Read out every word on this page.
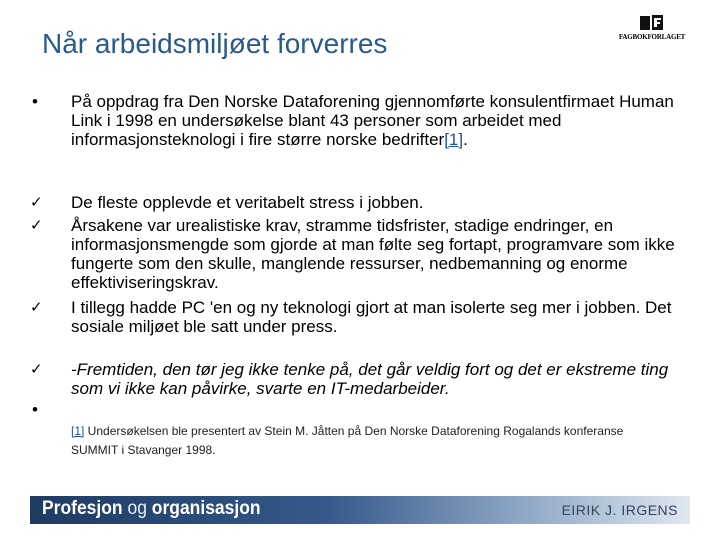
Når arbeidsmiljøet forverres	FAGBOKFORLAGET
•	På oppdrag fra Den Norske Dataforening gjennomførte konsulentfirmaet Human Link i 1998 en undersøkelse blant 43 personer som arbeidet med informasjonsteknologi i fire større norske bedrifter[1].
✓	De fleste opplevde et veritabelt stress i jobben.
✓	Årsakene var urealistiske krav, stramme tidsfrister, stadige endringer, en informasjonsmengde som gjorde at man følte seg fortapt, programvare som ikke fungerte som den skulle, manglende ressurser, nedbemanning og enorme effektiviseringskrav.
✓	I tillegg hadde PC 'en og ny teknologi gjort at man isolerte seg mer i jobben. Det sosiale miljøet ble satt under press.
✓	-Fremtiden, den tør jeg ikke tenke på, det går veldig fort og det er ekstreme ting som vi ikke kan påvirke, svarte en IT-medarbeider.
•
[1] Undersøkelsen ble presentert av Stein M. Jåtten på Den Norske Dataforening Rogalands konferanse SUMMIT i Stavanger 1998.
Profesjon og organisasjon	EIRIK J. IRGENS
